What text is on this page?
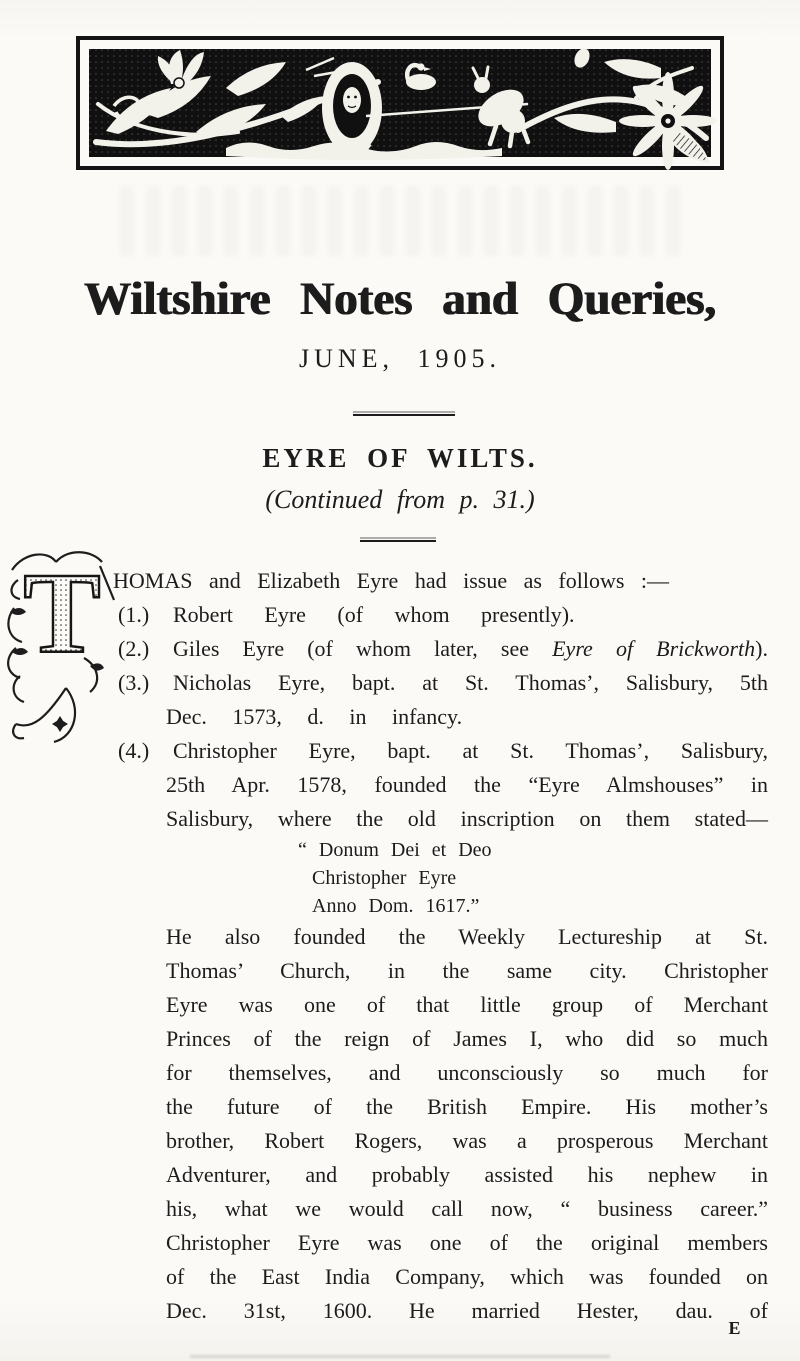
Wiltshire Notes and Queries,
JUNE, 1905.
EYRE OF WILTS.
(Continued from p. 31.)
T HOMAS and Elizabeth Eyre had issue as follows :—
(1.) Robert Eyre (of whom presently).
(2.) Giles Eyre (of whom later, see Eyre of Brickworth).
(3.) Nicholas Eyre, bapt. at St. Thomas’, Salisbury, 5th
Dec. 1573, d. in infancy.
(4.) Christopher Eyre, bapt. at St. Thomas’, Salisbury,
25th Apr. 1578, founded the “Eyre Almshouses” in
Salisbury, where the old inscription on them stated—
“ Donum Dei et Deo
Christopher Eyre
Anno Dom. 1617.”
He also founded the Weekly Lectureship at St.
Thomas’ Church, in the same city. Christopher
Eyre was one of that little group of Merchant
Princes of the reign of James I, who did so much
for themselves, and unconsciously so much for
the future of the British Empire. His mother’s
brother, Robert Rogers, was a prosperous Merchant
Adventurer, and probably assisted his nephew in
his, what we would call now, “ business career.”
Christopher Eyre was one of the original members
of the East India Company, which was founded on
Dec. 31st, 1600. He married Hester, dau. of
E
